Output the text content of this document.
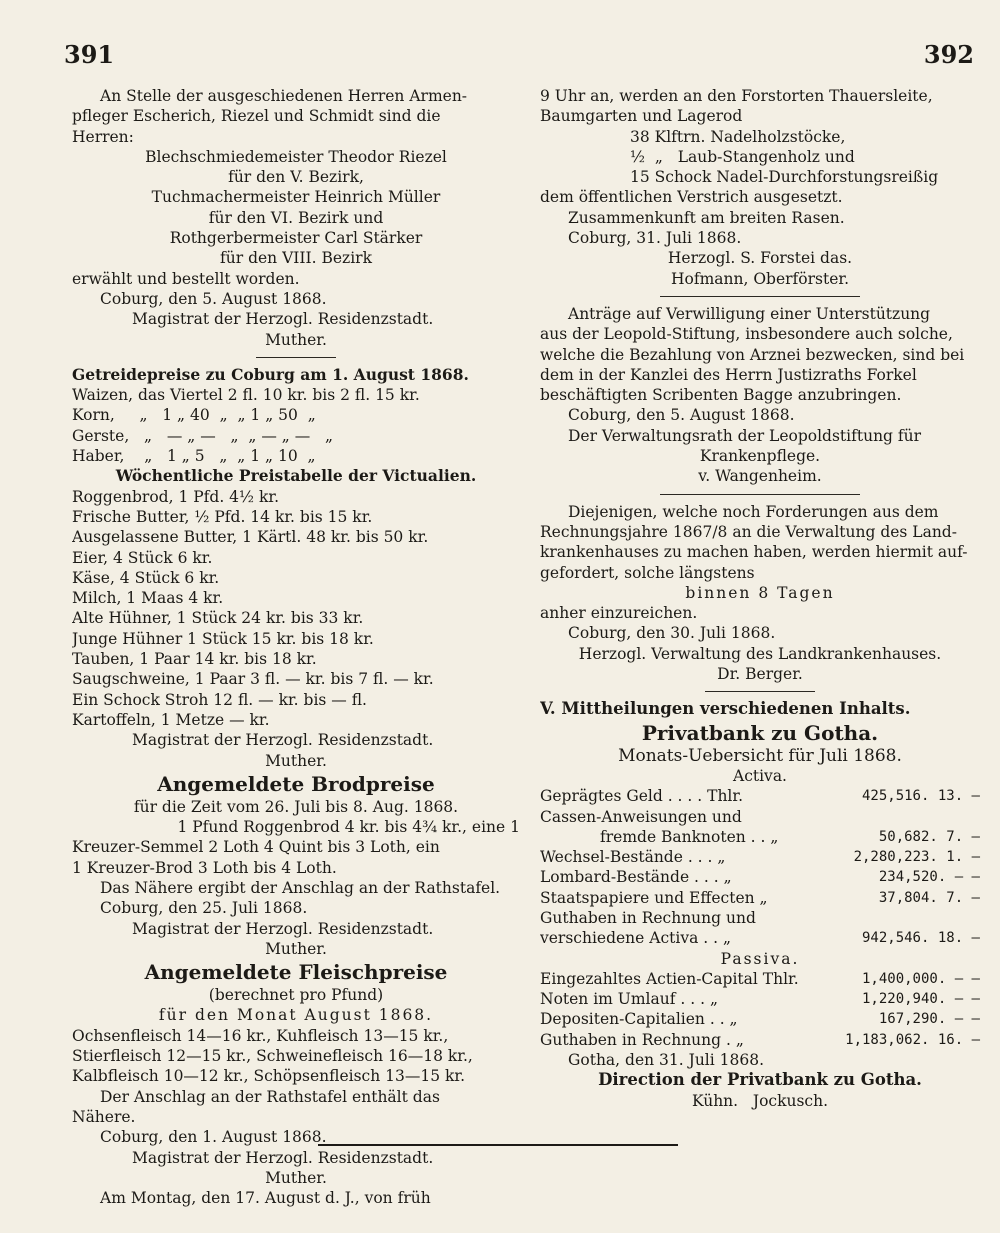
391	392
An Stelle der ausgeschiedenen Herren Armen-
pfleger Escherich, Riezel und Schmidt sind die
Herren:
Blechschmiedemeister Theodor Riezel
für den V. Bezirk,
Tuchmachermeister Heinrich Müller
für den VI. Bezirk und
Rothgerbermeister Carl Stärker
für den VIII. Bezirk
erwählt und bestellt worden.
Coburg, den 5. August 1868.
Magistrat der Herzogl. Residenzstadt.
Muther.
Getreidepreise zu Coburg am 1. August 1868.
Waizen, das Viertel 2 fl. 10 kr. bis 2 fl. 15 kr.
Korn,     „   1 „ 40  „  „ 1 „ 50  „
Gerste,   „   — „ —   „  „ — „ —   „
Haber,    „   1 „ 5   „  „ 1 „ 10  „
Wöchentliche Preistabelle der Victualien.
Roggenbrod, 1 Pfd. 4½ kr.
Frische Butter, ½ Pfd. 14 kr. bis 15 kr.
Ausgelassene Butter, 1 Kärtl. 48 kr. bis 50 kr.
Eier, 4 Stück 6 kr.
Käse, 4 Stück 6 kr.
Milch, 1 Maas 4 kr.
Alte Hühner, 1 Stück 24 kr. bis 33 kr.
Junge Hühner 1 Stück 15 kr. bis 18 kr.
Tauben, 1 Paar 14 kr. bis 18 kr.
Saugschweine, 1 Paar 3 fl. — kr. bis 7 fl. — kr.
Ein Schock Stroh 12 fl. — kr. bis — fl.
Kartoffeln, 1 Metze — kr.
Magistrat der Herzogl. Residenzstadt.
Muther.
Angemeldete Brodpreise
für die Zeit vom 26. Juli bis 8. Aug. 1868.
1 Pfund Roggenbrod 4 kr. bis 4¾ kr., eine 1
Kreuzer-Semmel 2 Loth 4 Quint bis 3 Loth, ein
1 Kreuzer-Brod 3 Loth bis 4 Loth.
Das Nähere ergibt der Anschlag an der Rathstafel.
Coburg, den 25. Juli 1868.
Magistrat der Herzogl. Residenzstadt.
Muther.
Angemeldete Fleischpreise
(berechnet pro Pfund)
für den Monat August 1868.
Ochsenfleisch 14—16 kr., Kuhfleisch 13—15 kr.,
Stierfleisch 12—15 kr., Schweinefleisch 16—18 kr.,
Kalbfleisch 10—12 kr., Schöpsenfleisch 13—15 kr.
Der Anschlag an der Rathstafel enthält das
Nähere.
Coburg, den 1. August 1868.
Magistrat der Herzogl. Residenzstadt.
Muther.
Am Montag, den 17. August d. J., von früh
9 Uhr an, werden an den Forstorten Thauersleite,
Baumgarten und Lagerod
38 Klftrn. Nadelholzstöcke,
½  „   Laub-Stangenholz und
15 Schock Nadel-Durchforstungsreißig
dem öffentlichen Verstrich ausgesetzt.
Zusammenkunft am breiten Rasen.
Coburg, 31. Juli 1868.
Herzogl. S. Forstei das.
Hofmann, Oberförster.
Anträge auf Verwilligung einer Unterstützung
aus der Leopold-Stiftung, insbesondere auch solche,
welche die Bezahlung von Arznei bezwecken, sind bei
dem in der Kanzlei des Herrn Justizraths Forkel
beschäftigten Scribenten Bagge anzubringen.
Coburg, den 5. August 1868.
Der Verwaltungsrath der Leopoldstiftung für
Krankenpflege.
v. Wangenheim.
Diejenigen, welche noch Forderungen aus dem
Rechnungsjahre 1867/8 an die Verwaltung des Land-
krankenhauses zu machen haben, werden hiermit auf-
gefordert, solche längstens
binnen 8 Tagen
anher einzureichen.
Coburg, den 30. Juli 1868.
Herzogl. Verwaltung des Landkrankenhauses.
Dr. Berger.
V. Mittheilungen verschiedenen Inhalts.
Privatbank zu Gotha.
Monats-Uebersicht für Juli 1868.
Activa.
Geprägtes Geld . . . . Thlr.	425,516. 13. —
Cassen-Anweisungen und
fremde Banknoten . . „	50,682. 7. —
Wechsel-Bestände . . . „	2,280,223. 1. —
Lombard-Bestände . . . „	234,520. — —
Staatspapiere und Effecten „	37,804. 7. —
Guthaben in Rechnung und
verschiedene Activa . . „	942,546. 18. —
Passiva.
Eingezahltes Actien-Capital Thlr.	1,400,000. — —
Noten im Umlauf . . . „	1,220,940. — —
Depositen-Capitalien . . „	167,290. — —
Guthaben in Rechnung . „	1,183,062. 16. —
Gotha, den 31. Juli 1868.
Direction der Privatbank zu Gotha.
Kühn.   Jockusch.
